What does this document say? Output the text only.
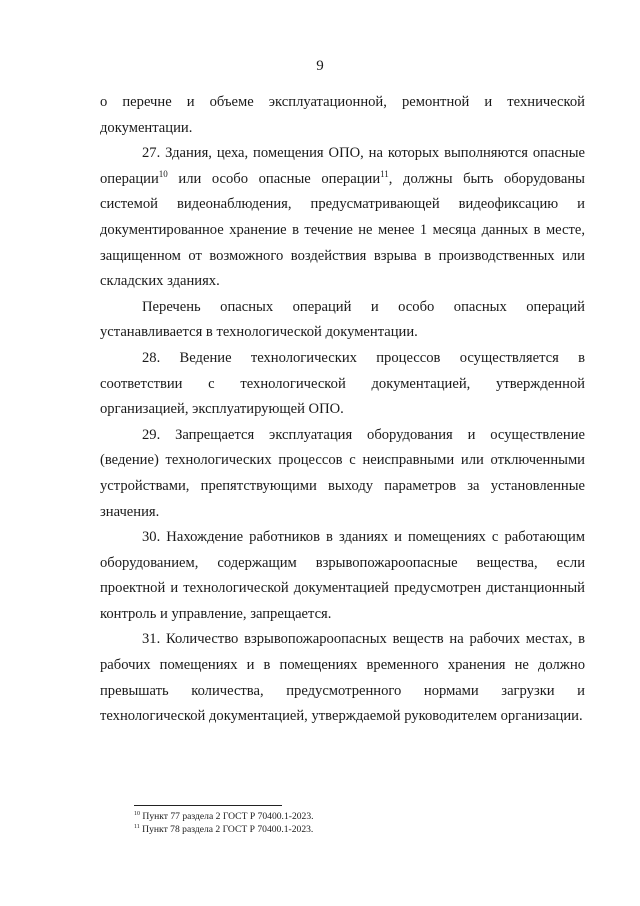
9

о перечне и объеме эксплуатационной, ремонтной и технической документации.

27. Здания, цеха, помещения ОПО, на которых выполняются опасные операции$^{10}$ или особо опасные операции$^{11}$, должны быть оборудованы системой видеонаблюдения, предусматривающей видеофиксацию и документированное хранение в течение не менее 1 месяца данных в месте, защищенном от возможного воздействия взрыва в производственных или складских зданиях.

Перечень опасных операций и особо опасных операций устанавливается в технологической документации.

28. Ведение технологических процессов осуществляется в соответствии с технологической документацией, утвержденной организацией, эксплуатирующей ОПО.

29. Запрещается эксплуатация оборудования и осуществление (ведение) технологических процессов с неисправными или отключенными устройствами, препятствующими выходу параметров за установленные значения.

30. Нахождение работников в зданиях и помещениях с работающим оборудованием, содержащим взрывопожароопасные вещества, если проектной и технологической документацией предусмотрен дистанционный контроль и управление, запрещается.

31. Количество взрывопожароопасных веществ на рабочих местах, в рабочих помещениях и в помещениях временного хранения не должно превышать количества, предусмотренного нормами загрузки и технологической документацией, утверждаемой руководителем организации.

$^{10}$ Пункт 77 раздела 2 ГОСТ Р 70400.1-2023.
$^{11}$ Пункт 78 раздела 2 ГОСТ Р 70400.1-2023.
